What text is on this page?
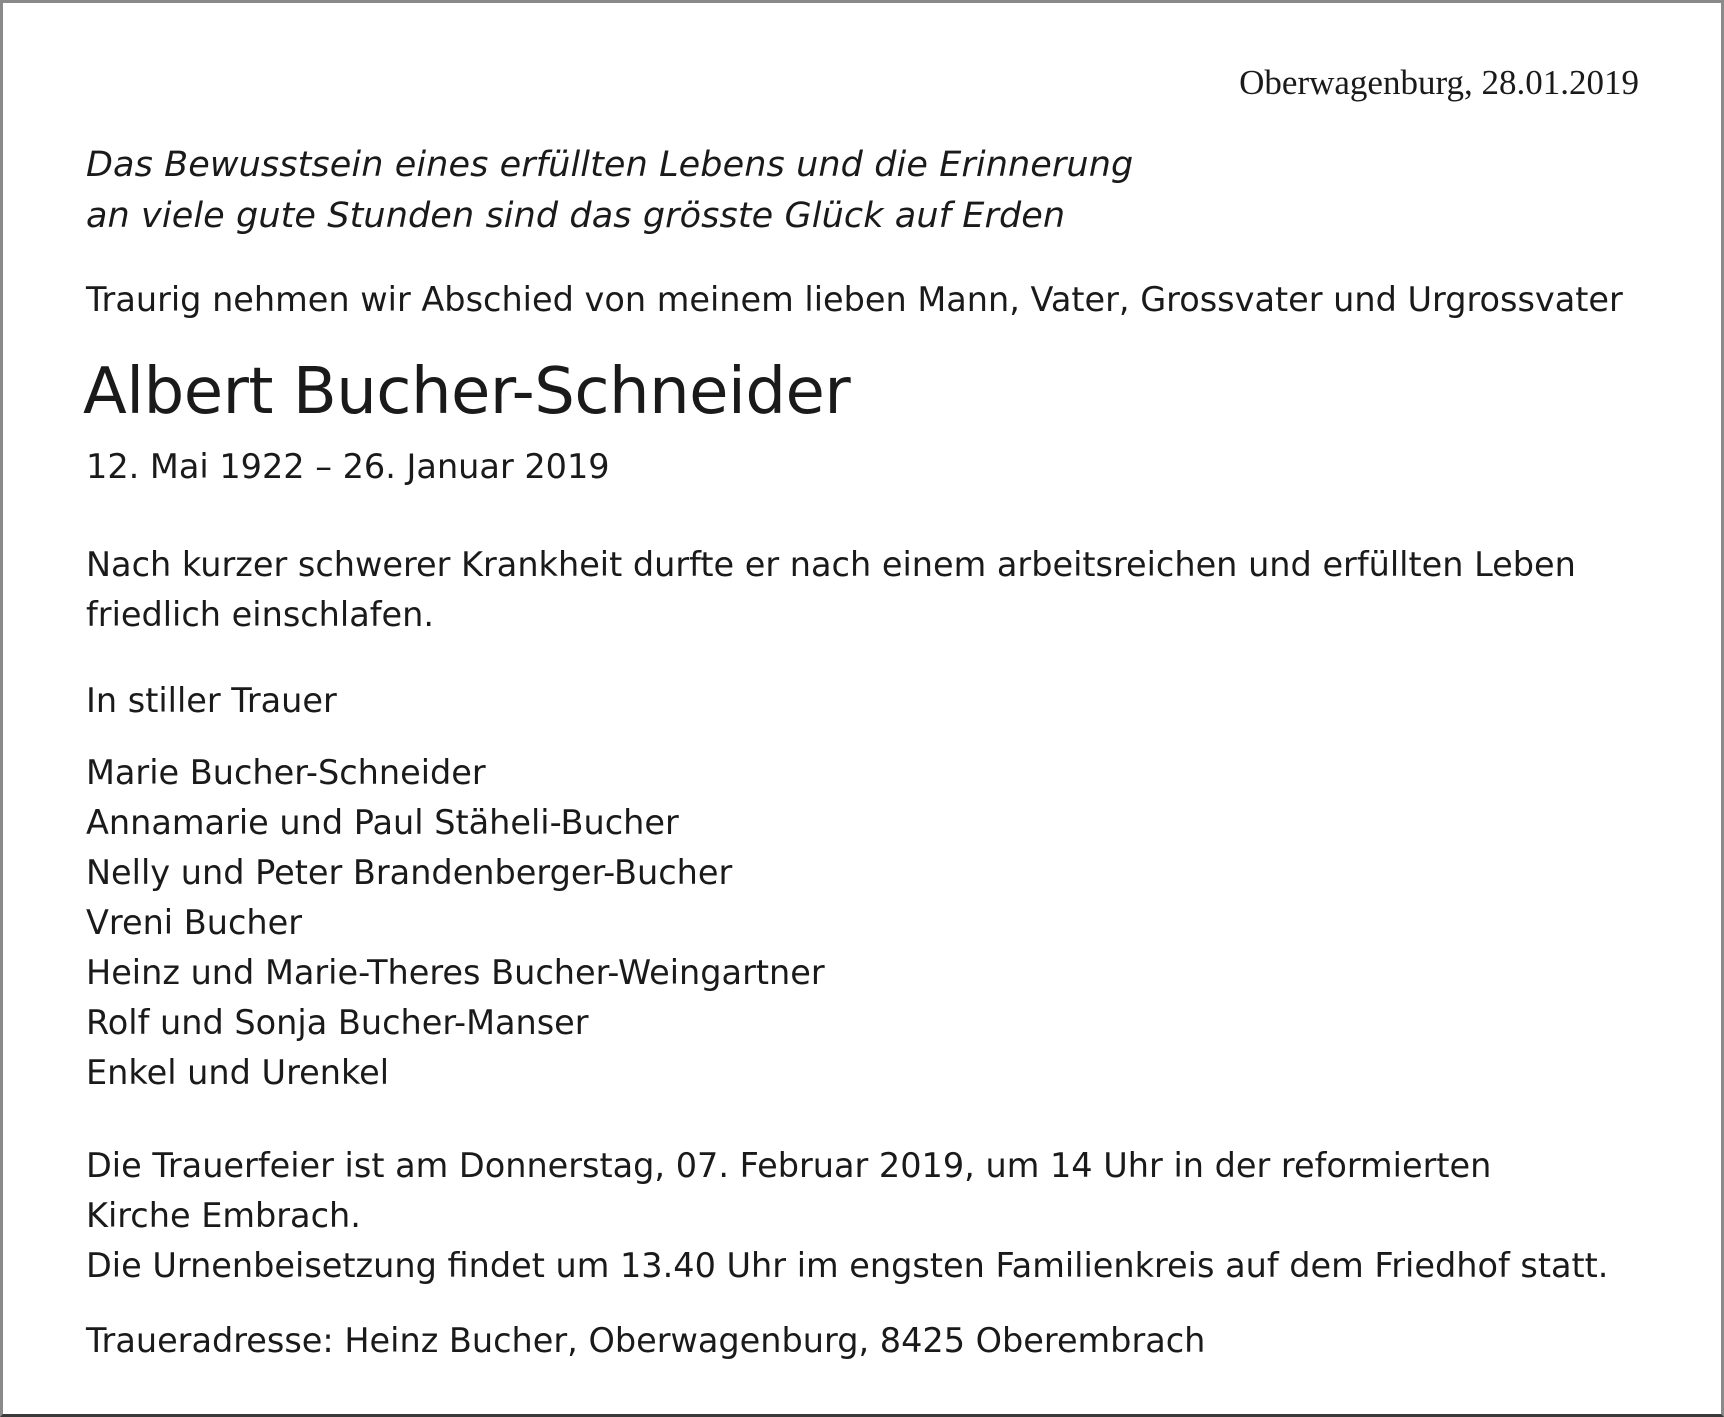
Oberwagenburg, 28.01.2019
Das Bewusstsein eines erfüllten Lebens und die Erinnerung
an viele gute Stunden sind das grösste Glück auf Erden
Traurig nehmen wir Abschied von meinem lieben Mann, Vater, Grossvater und Urgrossvater
Albert Bucher-Schneider
12. Mai 1922 – 26. Januar 2019
Nach kurzer schwerer Krankheit durfte er nach einem arbeitsreichen und erfüllten Leben
friedlich einschlafen.
In stiller Trauer
Marie Bucher-Schneider
Annamarie und Paul Stäheli-Bucher
Nelly und Peter Brandenberger-Bucher
Vreni Bucher
Heinz und Marie-Theres Bucher-Weingartner
Rolf und Sonja Bucher-Manser
Enkel und Urenkel
Die Trauerfeier ist am Donnerstag, 07. Februar 2019, um 14 Uhr in der reformierten
Kirche Embrach.
Die Urnenbeisetzung findet um 13.40 Uhr im engsten Familienkreis auf dem Friedhof statt.
Traueradresse: Heinz Bucher, Oberwagenburg, 8425 Oberembrach
